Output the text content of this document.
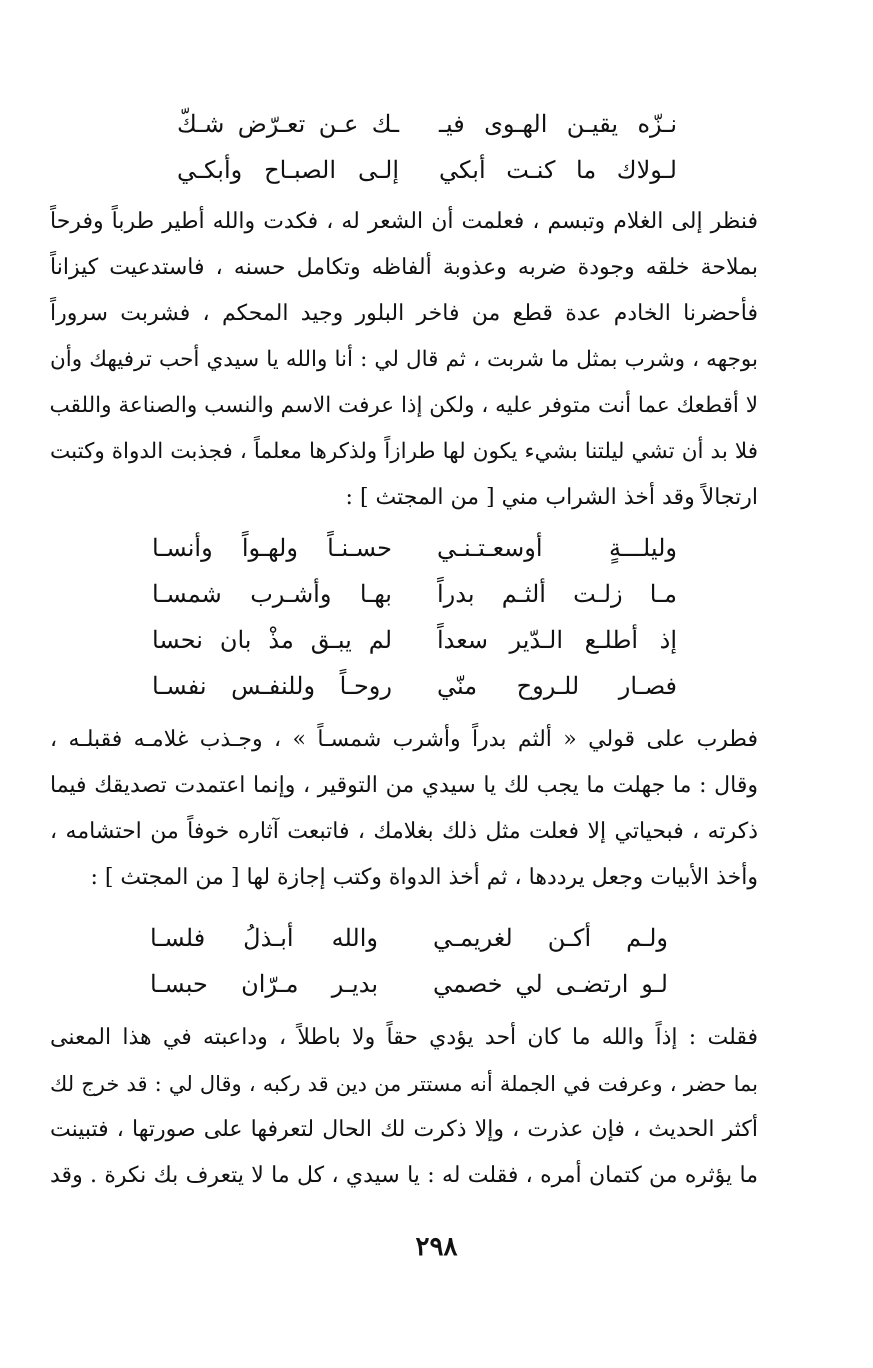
نـزّه يقيـن الهـوى فيـ
ـك عـن تعـرّض شـكّ
لـولاك ما كنـت أبكي
إلـى الصبـاح وأبكـي
فنظر إلى الغلام وتبسم ، فعلمت أن الشعر له ، فكدت والله أطير طرباً وفرحاً
بملاحة خلقه وجودة ضربه وعذوبة ألفاظه وتكامل حسنه ، فاستدعيت كيزاناً
فأحضرنا الخادم عدة قطع من فاخر البلور وجيد المحكم ، فشربت سروراً
بوجهه ، وشرب بمثل ما شربت ، ثم قال لي : أنا والله يا سيدي أحب ترفيهك وأن
لا أقطعك عما أنت متوفر عليه ، ولكن إذا عرفت الاسم والنسب والصناعة واللقب
فلا بد أن تشي ليلتنا بشيء يكون لها طرازاً ولذكرها معلماً ، فجذبت الدواة وكتبت
ارتجالاً وقد أخذ الشراب مني [ من المجتث ] :
وليلـــةٍ أوسعـتـنـي
حسـنـاً ولهـواً وأنسـا
مـا زلـت ألثـم بدراً
بهـا وأشـرب شمسـا
إذ أطلـع الـدّير سعداً
لم يبـق مذْ بان نحسا
فصـار للـروح منّي
روحـاً وللنفـس نفسـا
فطرب على قولي « ألثم بدراً وأشرب شمسـاً » ، وجـذب غلامـه فقبلـه ،
وقال : ما جهلت ما يجب لك يا سيدي من التوقير ، وإنما اعتمدت تصديقك فيما
ذكرته ، فبحياتي إلا فعلت مثل ذلك بغلامك ، فاتبعت آثاره خوفاً من احتشامه ،
وأخذ الأبيات وجعل يرددها ، ثم أخذ الدواة وكتب إجازة لها [ من المجتث ] :
ولـم أكـن لغريمـي
والله أبـذلُ فلسـا
لـو ارتضـى لي خصمي
بديـر مـرّان حبسـا
فقلت : إذاً والله ما كان أحد يؤدي حقاً ولا باطلاً ، وداعبته في هذا المعنى
بما حضر ، وعرفت في الجملة أنه مستتر من دين قد ركبه ، وقال لي : قد خرج لك
أكثر الحديث ، فإن عذرت ، وإلا ذكرت لك الحال لتعرفها على صورتها ، فتبينت
ما يؤثره من كتمان أمره ، فقلت له : يا سيدي ، كل ما لا يتعرف بك نكرة . وقد
٢٩٨
